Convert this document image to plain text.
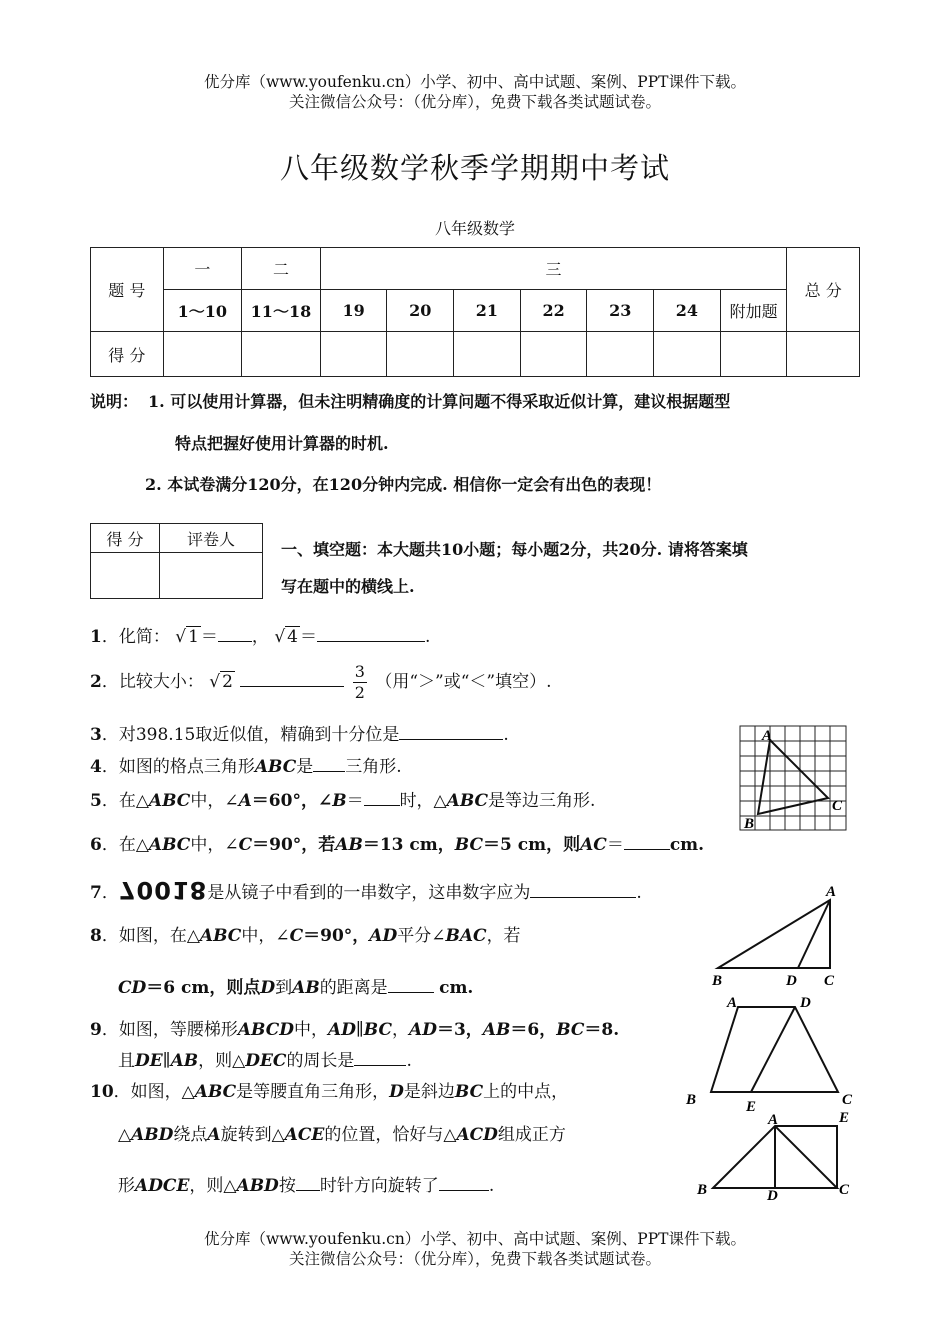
优分库（www.youfenku.cn）小学、初中、高中试题、案例、PPT课件下载。
关注微信公众号：（优分库），免费下载各类试题试卷。
八年级数学秋季学期期中考试
八年级数学
题 号	一	二	三							总 分
	1～10	11～18	19	20	21	22	23	24	附加题	
得 分										
说明： 1. 可以使用计算器，但未注明精确度的计算问题不得采取近似计算，建议根据题型
特点把握好使用计算器的时机.
2. 本试卷满分120分，在120分钟内完成. 相信你一定会有出色的表现！
得 分	评卷人

一、填空题：本大题共10小题；每小题2分，共20分. 请将答案填
写在题中的横线上.
1．化简： √ 1 ＝ ， √ 4 ＝	.
2．比较大小： √ 2	$\frac{3}{2}$ （用“＞”或“＜”填空）.
3．对398.15取近似值，精确到十分位是	.
4．如图的格点三角形ABC是 三角形.
5．在△ABC中，∠A＝60°，∠B＝ 时，△ABC是等边三角形.
6．在△ABC中，∠C＝90°，若AB＝13 cm，BC＝5 cm，则AC＝	cm.
7．70018是从镜子中看到的一串数字，这串数字应为	.
8．如图，在△ABC中，∠C＝90°，AD平分∠BAC，若
CD＝6 cm，则点D到AB的距离是	cm.
9．如图，等腰梯形ABCD中，AD∥BC，AD＝3，AB＝6，BC＝8.
且DE∥AB，则△DEC的周长是	.
10．如图，△ABC是等腰直角三角形，D是斜边BC上的中点，
△ABD绕点A旋转到△ACE的位置，恰好与△ACD组成正方
形ADCE，则△ABD按 时针方向旋转了	.
A
B
C
A
B	D C
A	D
B	E	C
A	E
B	D	C
优分库（www.youfenku.cn）小学、初中、高中试题、案例、PPT课件下载。
关注微信公众号：（优分库），免费下载各类试题试卷。
